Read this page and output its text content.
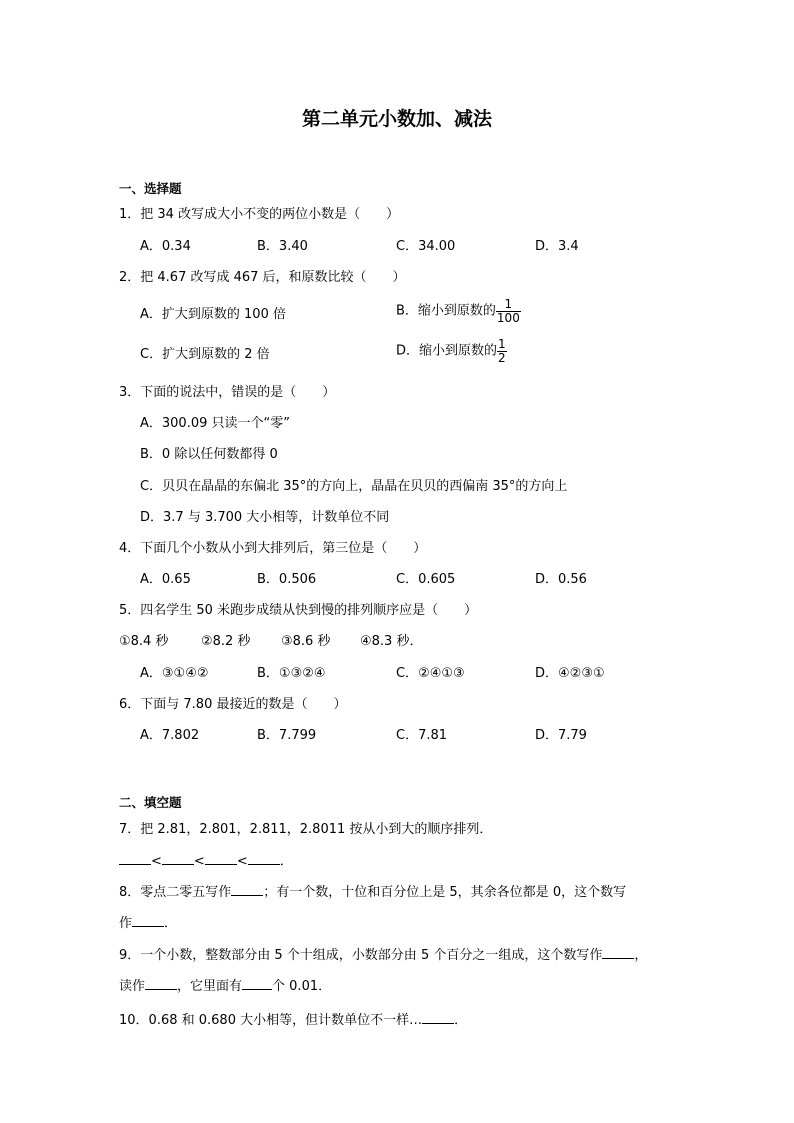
第二单元小数加、减法
一、选择题
1．把 34 改写成大小不变的两位小数是（　　）
A．0.34	B．3.40	C．34.00	D．3.4
2．把 4.67 改写成 467 后，和原数比较（　　）
A．扩大到原数的 100 倍	B．缩小到原数的 $\frac{1}{100}$
C．扩大到原数的 2 倍	D．缩小到原数的 $\frac{1}{2}$
3．下面的说法中，错误的是（　　）
A．300.09 只读一个“零”
B．0 除以任何数都得 0
C．贝贝在晶晶的东偏北 35°的方向上，晶晶在贝贝的西偏南 35°的方向上
D．3.7 与 3.700 大小相等，计数单位不同
4．下面几个小数从小到大排列后，第三位是（　　）
A．0.65	B．0.506	C．0.605	D．0.56
5．四名学生 50 米跑步成绩从快到慢的排列顺序应是（　　）
①8.4 秒	②8.2 秒 ③8.6 秒 ④8.3 秒．
A．③①④②	B．①③②④	C．②④①③	D．④②③①
6．下面与 7.80 最接近的数是（　　）
A．7.802	B．7.799	C．7.81	D．7.79
二、填空题
7．把 2.81，2.801，2.811，2.8011 按从小到大的顺序排列．
< < < ．
8．零点二零五写作 ；有一个数，十位和百分位上是 5，其余各位都是 0，这个数写
作 ．
9．一个小数，整数部分由 5 个十组成，小数部分由 5 个百分之一组成，这个数写作 ，
读作 ，它里面有 个 0.01．
10．0.68 和 0.680 大小相等，但计数单位不一样… ．
